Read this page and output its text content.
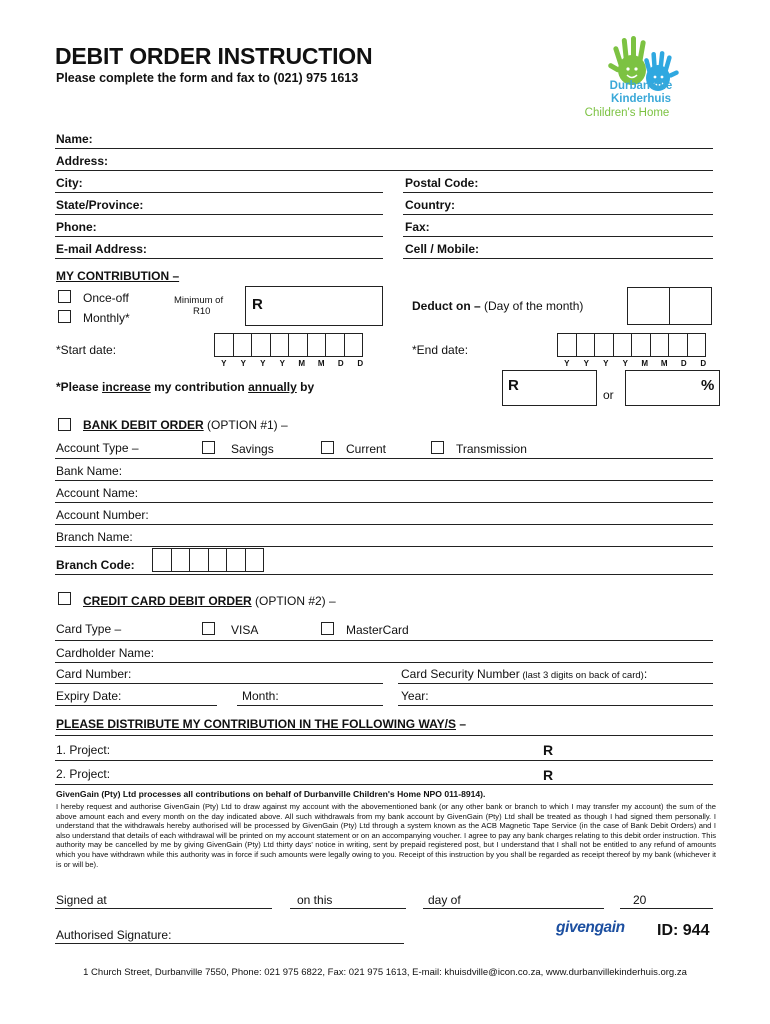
DEBIT ORDER INSTRUCTION
Please complete the form and fax to (021) 975 1613
Durbanville
Kinderhuis
Children's Home
Name:
Address:
City:	Postal Code:
State/Province:	Country:
Phone:	Fax:
E-mail Address:	Cell / Mobile:
MY CONTRIBUTION –
Once-off
Monthly*
Minimum of
R10	R	Deduct on – (Day of the month)
*Start date:
Y	Y	Y	Y	M	M	D	D
*End date:
Y	Y	Y	Y	M	M	D	D
*Please increase my contribution annually by	R
or
%
BANK DEBIT ORDER (OPTION #1) –
Account Type –	Savings	Current	Transmission
Bank Name:
Account Name:
Account Number:
Branch Name:
Branch Code:
CREDIT CARD DEBIT ORDER (OPTION #2) –
Card Type –	VISA	MasterCard
Cardholder Name:
Card Number:	Card Security Number (last 3 digits on back of card):
Expiry Date:	Month:	Year:
PLEASE DISTRIBUTE MY CONTRIBUTION IN THE FOLLOWING WAY/S –
1. Project:	R
2. Project:	R
GivenGain (Pty) Ltd processes all contributions on behalf of Durbanville Children's Home NPO 011-8914).
I hereby request and authorise GivenGain (Pty) Ltd to draw against my account with the abovementioned bank (or any other bank or branch to which I may transfer my account) the sum of the above amount each and every month on the day indicated above. All such withdrawals from my bank account by GivenGain (Pty) Ltd shall be treated as though I had signed them personally. I understand that the withdrawals hereby authorised will be processed by GivenGain (Pty) Ltd through a system known as the ACB Magnetic Tape Service (in the case of Bank Debit Orders) and I also understand that details of each withdrawal will be printed on my account statement or on an accompanying voucher. I agree to pay any bank charges relating to this debit order instruction. This authority may be cancelled by me by giving GivenGain (Pty) Ltd thirty days' notice in writing, sent by prepaid registered post, but I understand that I shall not be entitled to any refund of amounts which you have withdrawn while this authority was in force if such amounts were legally owing to you. Receipt of this instruction by you shall be regarded as receipt thereof by my bank (whichever it is or will be).
Signed at	on this	day of	20
Authorised Signature:	givengain ID: 944
1 Church Street, Durbanville 7550, Phone: 021 975 6822, Fax: 021 975 1613, E-mail: khuisdville@icon.co.za, www.durbanvillekinderhuis.org.za
